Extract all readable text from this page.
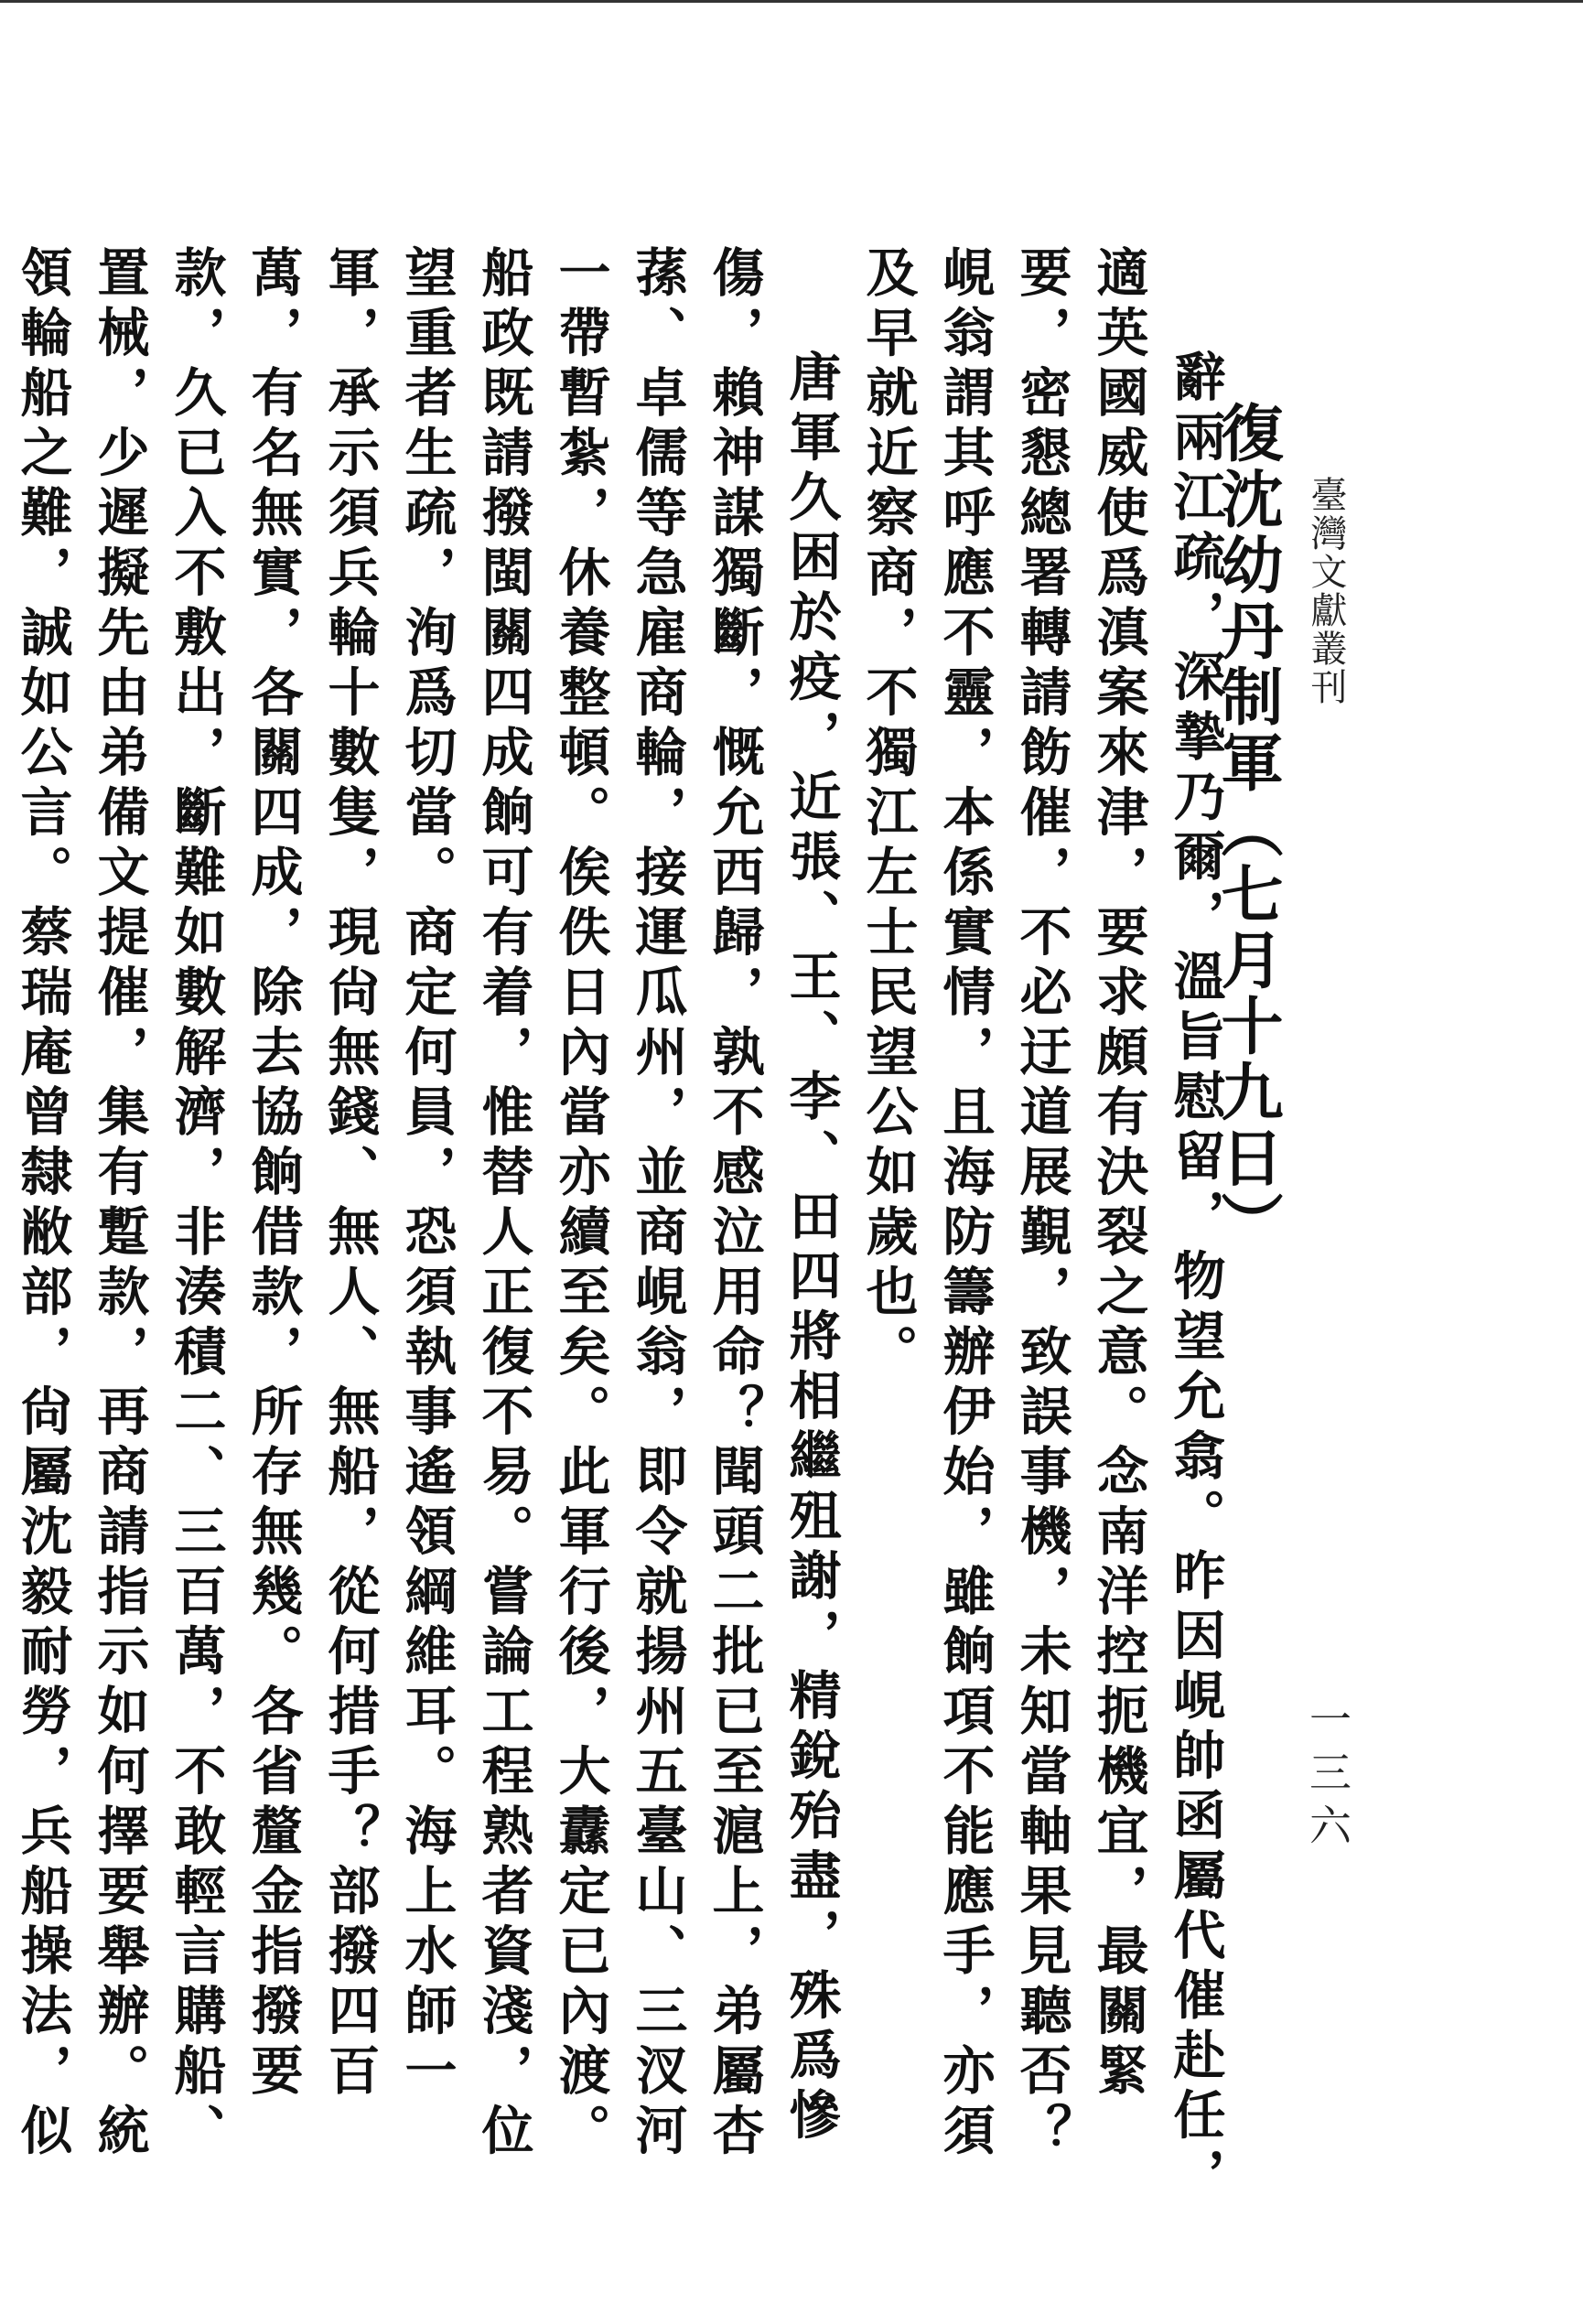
臺灣文獻叢刊
一三六
復沈幼丹制軍（七月十九日）

辭兩江疏，深摯乃爾，溫旨慰留，物望允翕。昨因峴帥函屬代催赴任，適英國威使爲滇案來津，要求頗有決裂之意。念南洋控扼機宜，最關緊要，密懇總署轉請飭催，不必迂道展覲，致誤事機，未知當軸果見聽否？峴翁謂其呼應不靈，本係實情，且海防籌辦伊始，雖餉項不能應手，亦須及早就近察商，不獨江左士民望公如歲也。

唐軍久困於疫，近張、王、李、田四將相繼殂謝，精銳殆盡，殊爲慘傷，賴神謀獨斷，慨允西歸，孰不感泣用命？聞頭二批已至滬上，弟屬杏蓀、卓儒等急雇商輪，接運瓜州，並商峴翁，即令就揚州五臺山、三汊河一帶暫紮，休養整頓。俟佚日內當亦續至矣。此軍行後，大纛定已內渡。船政既請撥閩關四成餉可有着，惟替人正復不易。嘗論工程熟者資淺，位望重者生疏，洵爲切當。商定何員，恐須執事遙領綱維耳。海上水師一軍，承示須兵輪十數隻，現尙無錢、無人、無船，從何措手？部撥四百萬，有名無實，各關四成，除去協餉借款，所存無幾。各省釐金指撥要款，久已入不敷出，斷難如數解濟，非湊積二、三百萬，不敢輕言購船、置械，少遲擬先由弟備文提催，集有蹔款，再商請指示如何擇要舉辦。統領輪船之難，誠如公言。蔡瑞庵曾隸敝部，尙屬沈毅耐勞，兵船操法，似
